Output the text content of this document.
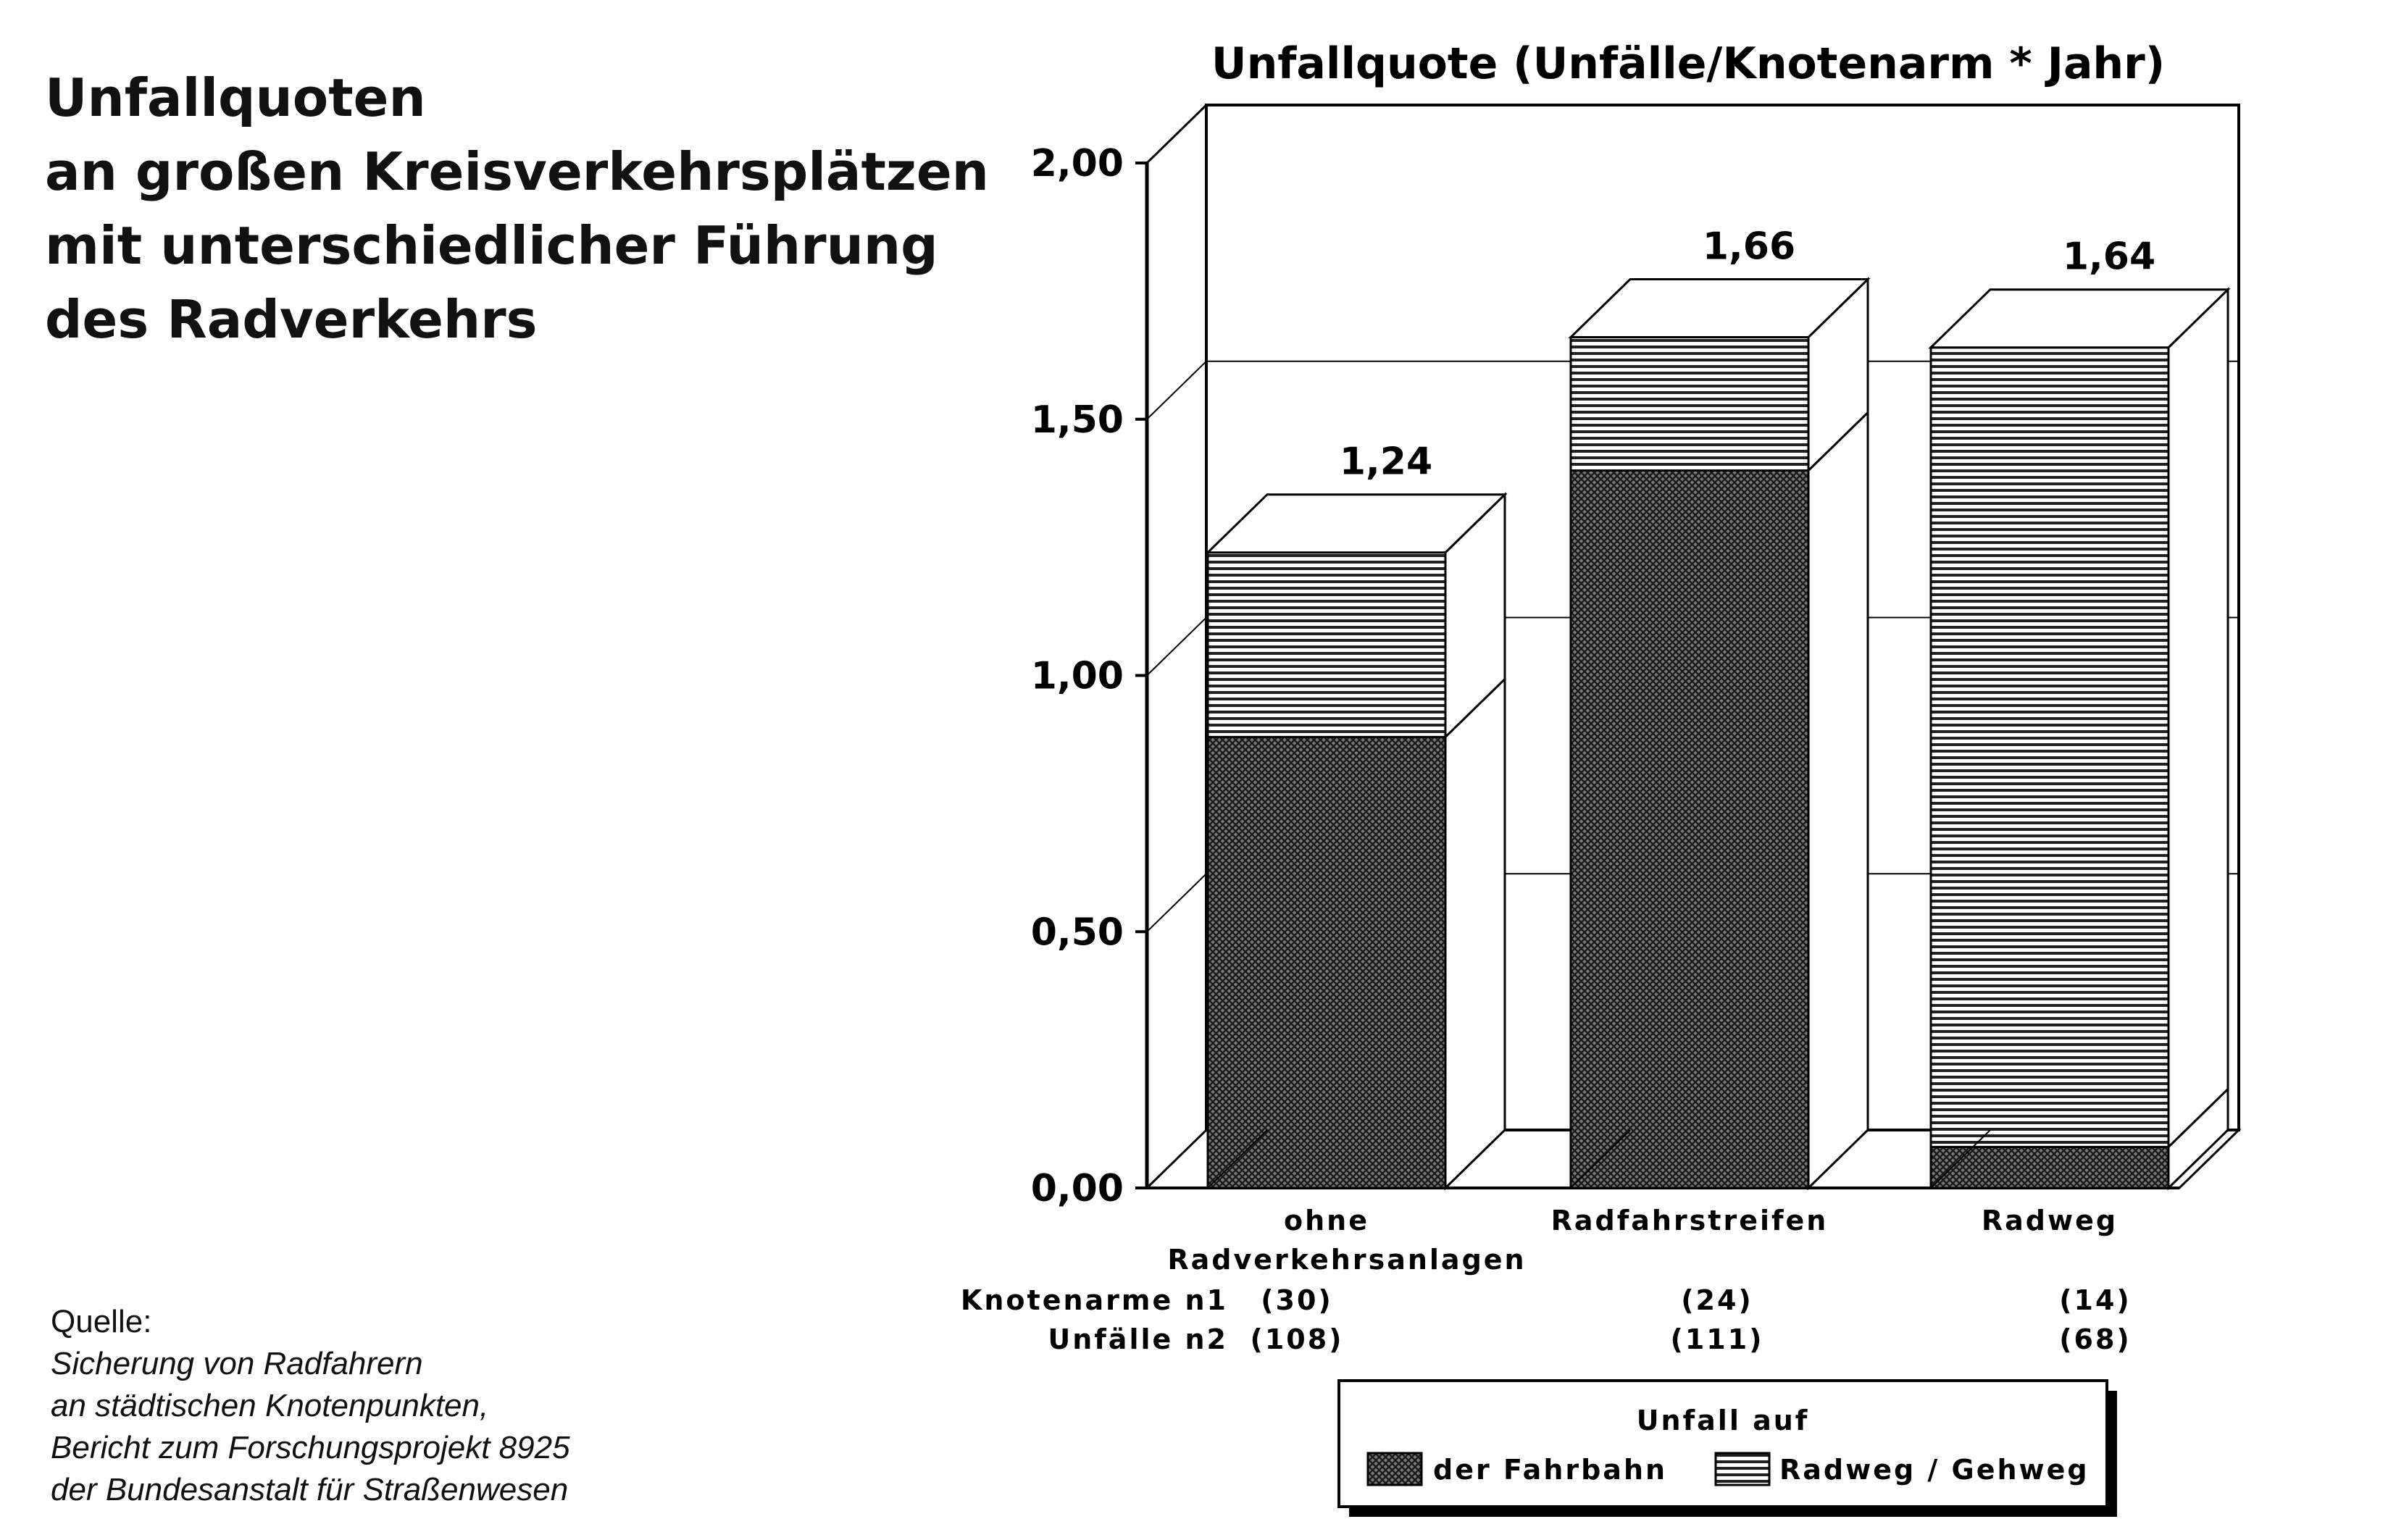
Unfallquoten
an großen Kreisverkehrsplätzen
mit unterschiedlicher Führung
des Radverkehrs
Quelle:
Sicherung von Radfahrern
an städtischen Knotenpunkten,
Bericht zum Forschungsprojekt 8925
der Bundesanstalt für Straßenwesen
0,00
0,50
1,00
1,50
2,00
Unfallquote (Unfälle/Knotenarm * Jahr)
1,24
ohne
Radverkehrsanlagen
1,66
Radfahrstreifen
1,64
Radweg
Knotenarme n1 (30)	(24)	(14)
Unfälle n2 (108)	(111)	(68)
Unfall auf
der Fahrbahn	Radweg / Gehweg
